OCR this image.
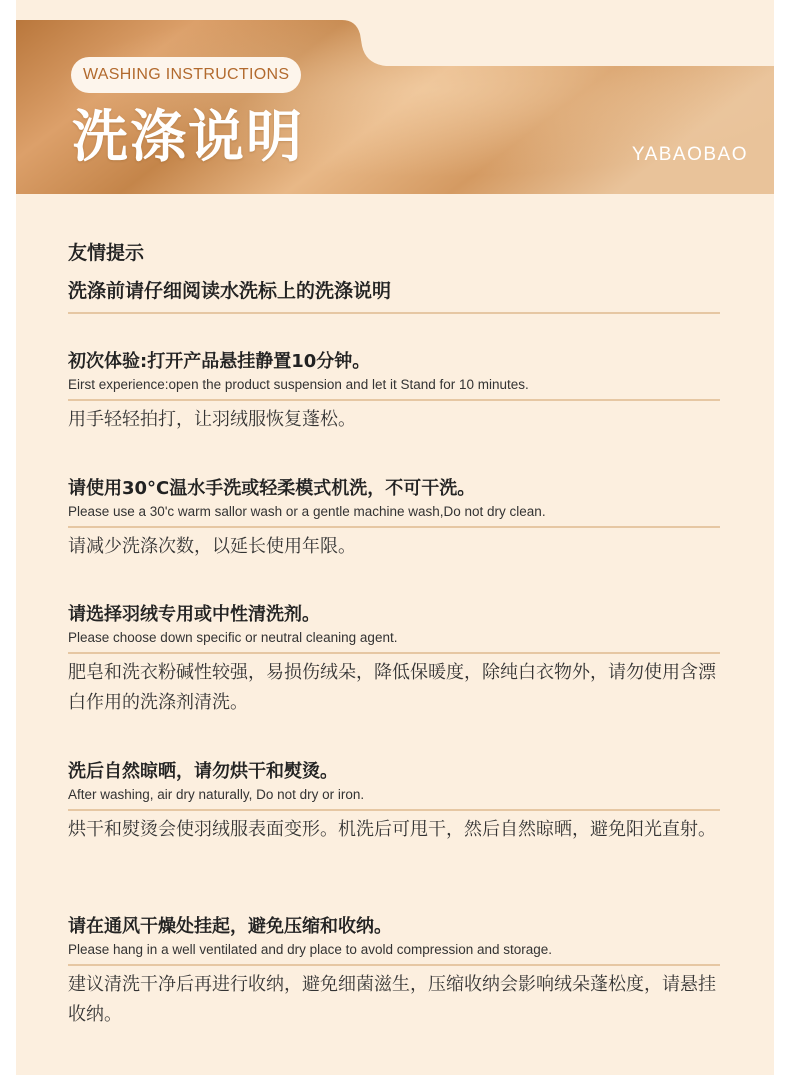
WASHING INSTRUCTIONS
洗涤说明	YABAOBAO
友情提示
洗涤前请仔细阅读水洗标上的洗涤说明
初次体验:打开产品悬挂静置10分钟。
Eirst experience:open the product suspension and let it Stand for 10 minutes.
用手轻轻拍打，让羽绒服恢复蓬松。
请使用30°C温水手洗或轻柔模式机洗，不可干洗。
Please use a 30'c warm sallor wash or a gentle machine wash,Do not dry clean.
请减少洗涤次数，以延长使用年限。
请选择羽绒专用或中性清洗剂。
Please choose down specific or neutral cleaning agent.
肥皂和洗衣粉碱性较强，易损伤绒朵，降低保暖度，除纯白衣物外，请勿使用含漂白作用的洗涤剂清洗。
洗后自然晾晒，请勿烘干和熨烫。
After washing, air dry naturally, Do not dry or iron.
烘干和熨烫会使羽绒服表面变形。机洗后可甩干，然后自然晾晒，避免阳光直射。
请在通风干燥处挂起，避免压缩和收纳。
Please hang in a well ventilated and dry place to avold compression and storage.
建议清洗干净后再进行收纳，避免细菌滋生，压缩收纳会影响绒朵蓬松度，请悬挂收纳。
